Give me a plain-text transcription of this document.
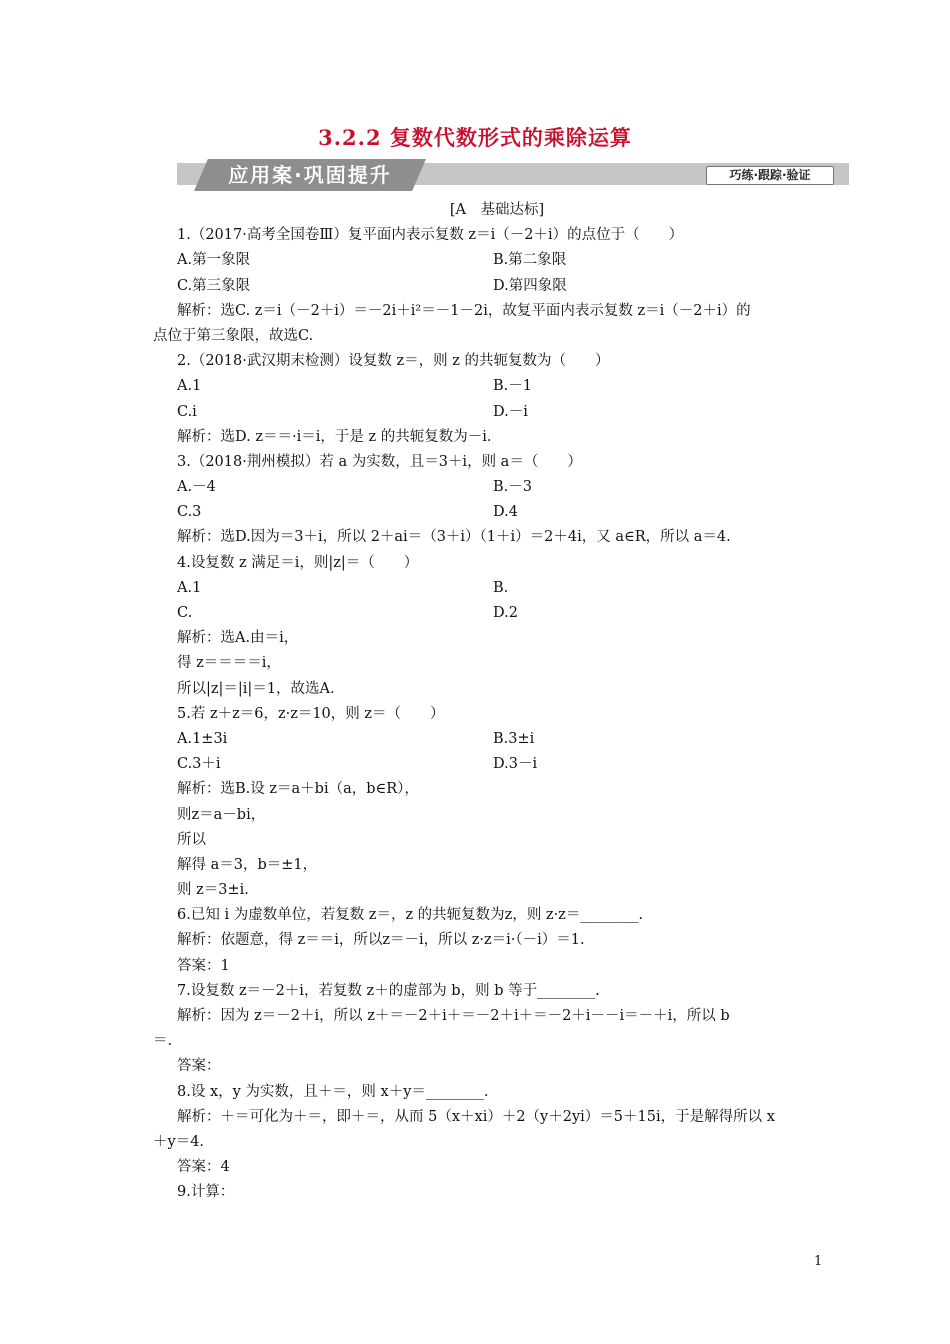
3.2.2 复数代数形式的乘除运算
应用案·巩固提升	巧练·跟踪·验证
[A　基础达标]
1.（2017·高考全国卷Ⅲ）复平面内表示复数 z＝i（－2＋i）的点位于（　　）
A.第一象限	B.第二象限
C.第三象限	D.第四象限
解析：选C. z＝i（－2＋i）＝－2i＋i²＝－1－2i，故复平面内表示复数 z＝i（－2＋i）的
点位于第三象限，故选C.
2.（2018·武汉期末检测）设复数 z＝，则 z 的共轭复数为（　　）
A.1	B.－1
C.i	D.－i
解析：选D. z＝＝·i＝i，于是 z 的共轭复数为－i.
3.（2018·荆州模拟）若 a 为实数，且＝3＋i，则 a＝（　　）
A.－4	B.－3
C.3	D.4
解析：选D.因为＝3＋i，所以 2＋ai＝（3＋i）（1＋i）＝2＋4i，又 a∈R，所以 a＝4.
4.设复数 z 满足＝i，则|z|＝（　　）
A.1	B.
C.	D.2
解析：选A.由＝i，
得 z＝＝＝＝i，
所以|z|＝|i|＝1，故选A.
5.若 z＋z＝6，z·z＝10，则 z＝（　　）
A.1±3i	B.3±i
C.3＋i	D.3－i
解析：选B.设 z＝a＋bi（a，b∈R），
则z＝a－bi，
所以
解得 a＝3，b＝±1，
则 z＝3±i.
6.已知 i 为虚数单位，若复数 z＝，z 的共轭复数为z，则 z·z＝________.
解析：依题意，得 z＝＝i，所以z＝－i，所以 z·z＝i·（－i）＝1.
答案：1
7.设复数 z＝－2＋i，若复数 z＋的虚部为 b，则 b 等于________.
解析：因为 z＝－2＋i，所以 z＋＝－2＋i＋＝－2＋i＋＝－2＋i－－i＝－＋i，所以 b
＝.
答案：
8.设 x，y 为实数，且＋＝，则 x＋y＝________.
解析：＋＝可化为＋＝，即＋＝，从而 5（x＋xi）＋2（y＋2yi）＝5＋15i，于是解得所以 x
＋y＝4.
答案：4
9.计算：
1
